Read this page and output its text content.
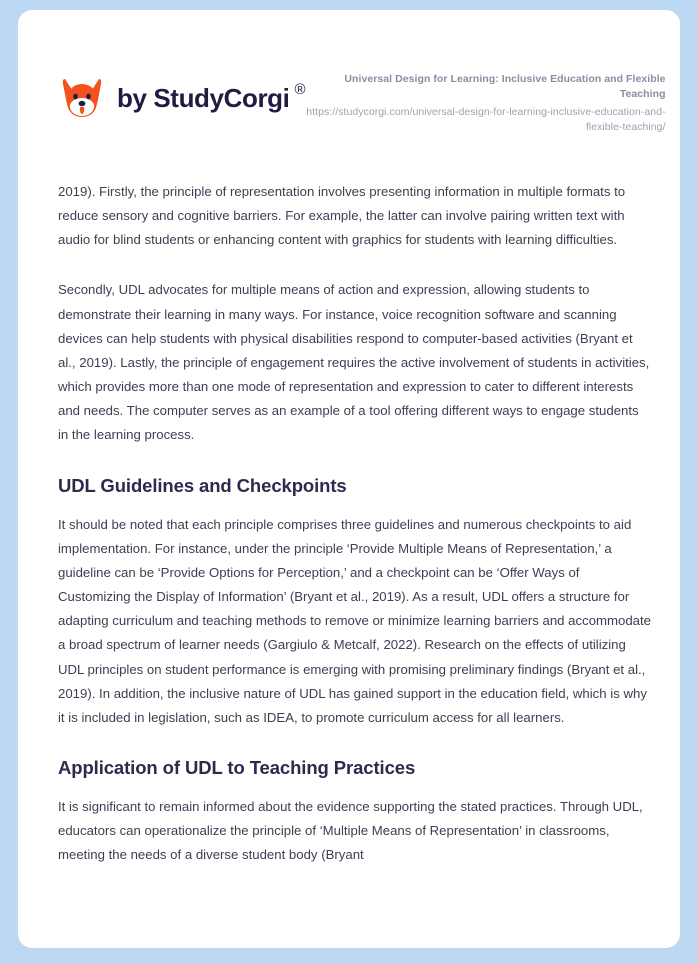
by StudyCorgi ®
Universal Design for Learning: Inclusive Education and Flexible Teaching
https://studycorgi.com/universal-design-for-learning-inclusive-education-and-flexible-teaching/

2019). Firstly, the principle of representation involves presenting information in multiple formats to reduce sensory and cognitive barriers. For example, the latter can involve pairing written text with audio for blind students or enhancing content with graphics for students with learning difficulties.

Secondly, UDL advocates for multiple means of action and expression, allowing students to demonstrate their learning in many ways. For instance, voice recognition software and scanning devices can help students with physical disabilities respond to computer-based activities (Bryant et al., 2019). Lastly, the principle of engagement requires the active involvement of students in activities, which provides more than one mode of representation and expression to cater to different interests and needs. The computer serves as an example of a tool offering different ways to engage students in the learning process.

UDL Guidelines and Checkpoints

It should be noted that each principle comprises three guidelines and numerous checkpoints to aid implementation. For instance, under the principle ‘Provide Multiple Means of Representation,’ a guideline can be ‘Provide Options for Perception,’ and a checkpoint can be ‘Offer Ways of Customizing the Display of Information’ (Bryant et al., 2019). As a result, UDL offers a structure for adapting curriculum and teaching methods to remove or minimize learning barriers and accommodate a broad spectrum of learner needs (Gargiulo & Metcalf, 2022). Research on the effects of utilizing UDL principles on student performance is emerging with promising preliminary findings (Bryant et al., 2019). In addition, the inclusive nature of UDL has gained support in the education field, which is why it is included in legislation, such as IDEA, to promote curriculum access for all learners.

Application of UDL to Teaching Practices

It is significant to remain informed about the evidence supporting the stated practices. Through UDL, educators can operationalize the principle of ‘Multiple Means of Representation’ in classrooms, meeting the needs of a diverse student body (Bryant
